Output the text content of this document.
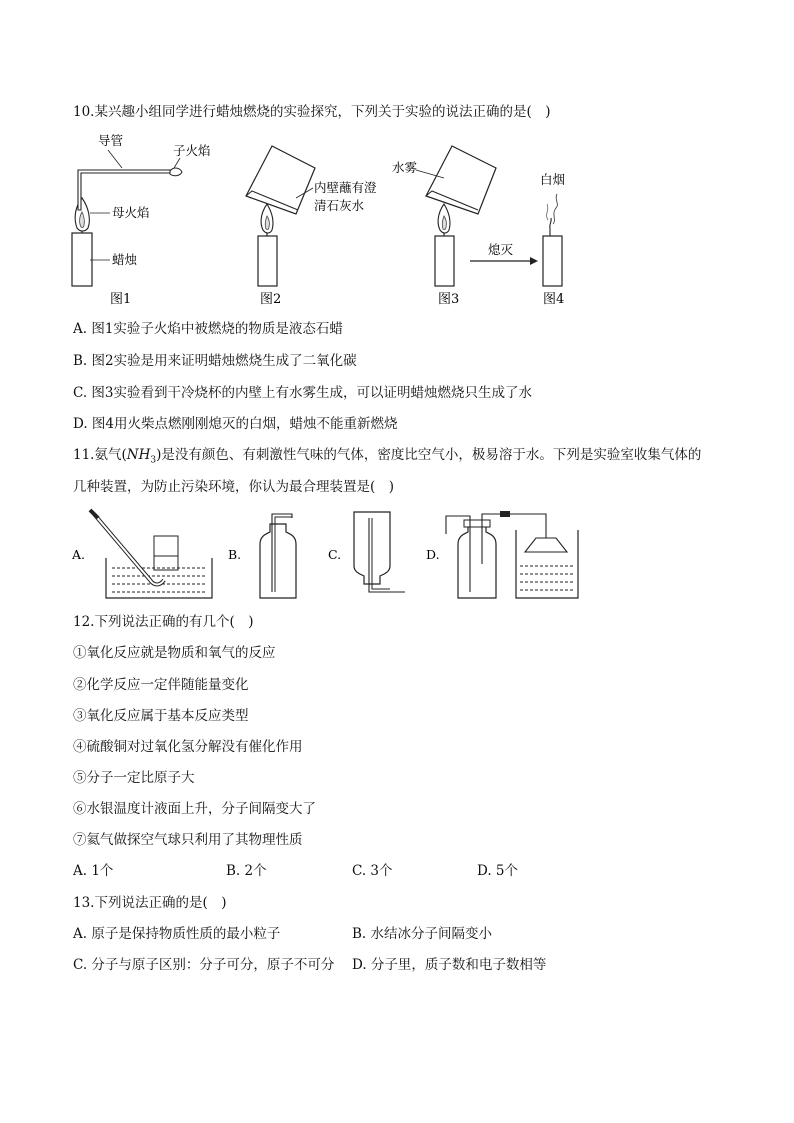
10.某兴趣小组同学进行蜡烛燃烧的实验探究，下列关于实验的说法正确的是(　)
导管
子火焰
母火焰
蜡烛
图1
内壁蘸有澄
清石灰水
图2
水雾
图3
熄灭
白烟
图4
A. 图1实验子火焰中被燃烧的物质是液态石蜡
B. 图2实验是用来证明蜡烛燃烧生成了二氧化碳
C. 图3实验看到干冷烧杯的内壁上有水雾生成，可以证明蜡烛燃烧只生成了水
D. 图4用火柴点燃刚刚熄灭的白烟，蜡烛不能重新燃烧
11.氨气$(NH_3)$是没有颜色、有刺激性气味的气体，密度比空气小，极易溶于水。下列是实验室收集气体的
几种装置，为防止污染环境，你认为最合理装置是(　)
A.	B.	C.	D.
12.下列说法正确的有几个(　)
①氧化反应就是物质和氧气的反应
②化学反应一定伴随能量变化
③氧化反应属于基本反应类型
④硫酸铜对过氧化氢分解没有催化作用
⑤分子一定比原子大
⑥水银温度计液面上升，分子间隔变大了
⑦氦气做探空气球只利用了其物理性质
A. 1个	B. 2个	C. 3个	D. 5个
13.下列说法正确的是(　)
A. 原子是保持物质性质的最小粒子	B. 水结冰分子间隔变小
C. 分子与原子区别：分子可分，原子不可分 D. 分子里，质子数和电子数相等
